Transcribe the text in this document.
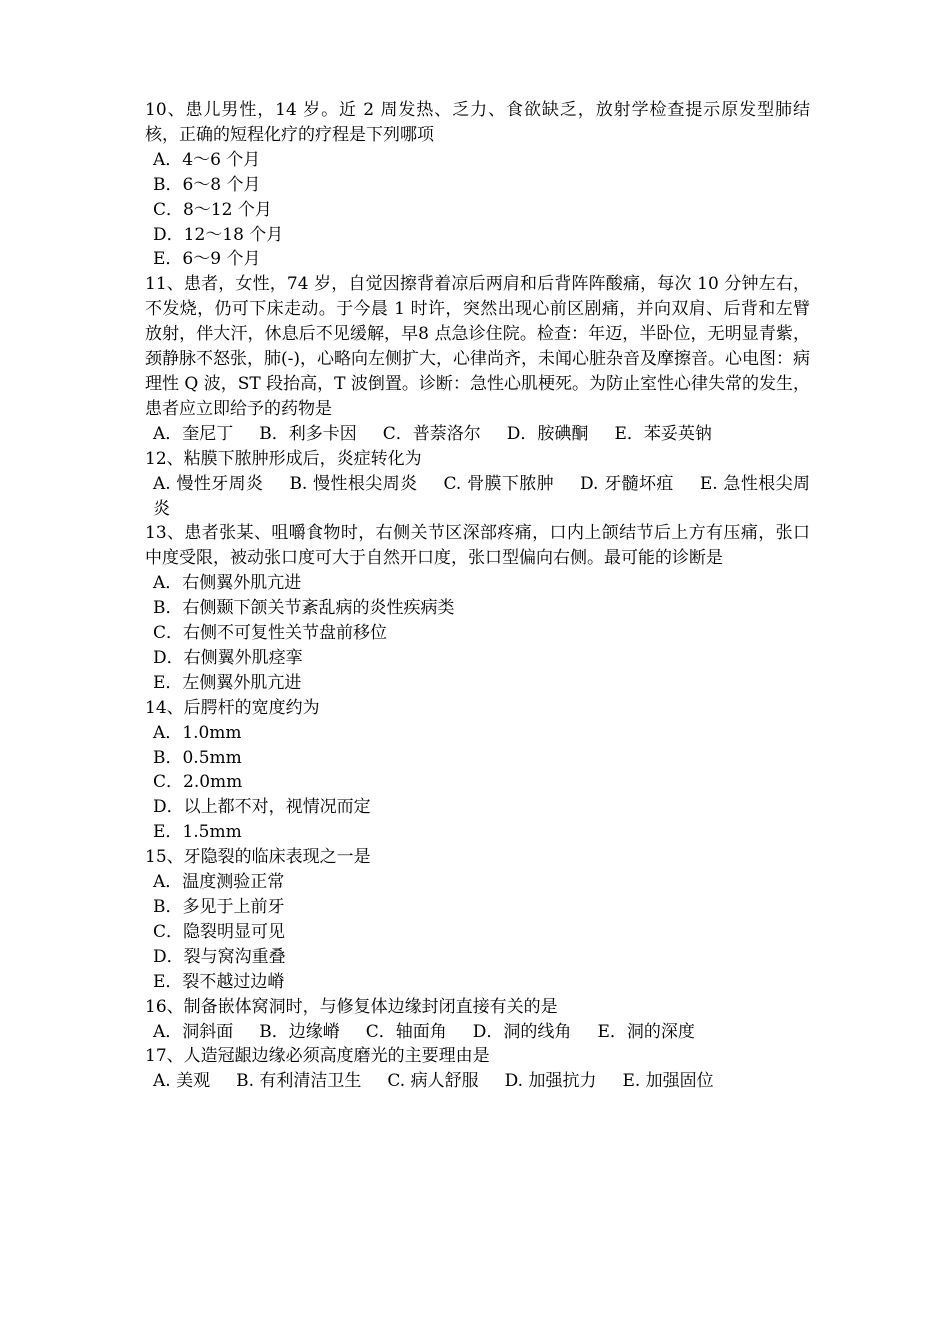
10、患儿男性，14 岁。近 2 周发热、乏力、食欲缺乏，放射学检查提示原发型肺结核，正确的短程化疗的疗程是下列哪项
A．4～6 个月
B．6～8 个月
C．8～12 个月
D．12～18 个月
E．6～9 个月
11、患者，女性，74 岁，自觉因擦背着凉后两肩和后背阵阵酸痛，每次 10 分钟左右，不发烧，仍可下床走动。于今晨 1 时许，突然出现心前区剧痛，并向双肩、后背和左臂放射，伴大汗，休息后不见缓解，早8 点急诊住院。检查：年迈，半卧位，无明显青紫，颈静脉不怒张，肺(-)，心略向左侧扩大，心律尚齐，未闻心脏杂音及摩擦音。心电图：病理性 Q 波，ST 段抬高，T 波倒置。诊断：急性心肌梗死。为防止室性心律失常的发生，患者应立即给予的药物是
A．奎尼丁 B．利多卡因 C．普萘洛尔 D．胺碘酮 E．苯妥英钠
12、粘膜下脓肿形成后，炎症转化为
A. 慢性牙周炎 B. 慢性根尖周炎 C. 骨膜下脓肿 D. 牙髓坏疽 E. 急性根尖周炎
13、患者张某、咀嚼食物时，右侧关节区深部疼痛，口内上颌结节后上方有压痛，张口中度受限，被动张口度可大于自然开口度，张口型偏向右侧。最可能的诊断是
A．右侧翼外肌亢进
B．右侧颞下颌关节紊乱病的炎性疾病类
C．右侧不可复性关节盘前移位
D．右侧翼外肌痉挛
E．左侧翼外肌亢进
14、后腭杆的宽度约为
A．1.0mm
B．0.5mm
C．2.0mm
D．以上都不对，视情况而定
E．1.5mm
15、牙隐裂的临床表现之一是
A．温度测验正常
B．多见于上前牙
C．隐裂明显可见
D．裂与窝沟重叠
E．裂不越过边嵴
16、制备嵌体窝洞时，与修复体边缘封闭直接有关的是
A．洞斜面 B．边缘嵴 C．轴面角 D．洞的线角 E．洞的深度
17、人造冠龈边缘必须高度磨光的主要理由是
A. 美观 B. 有利清洁卫生 C. 病人舒服 D. 加强抗力 E. 加强固位
